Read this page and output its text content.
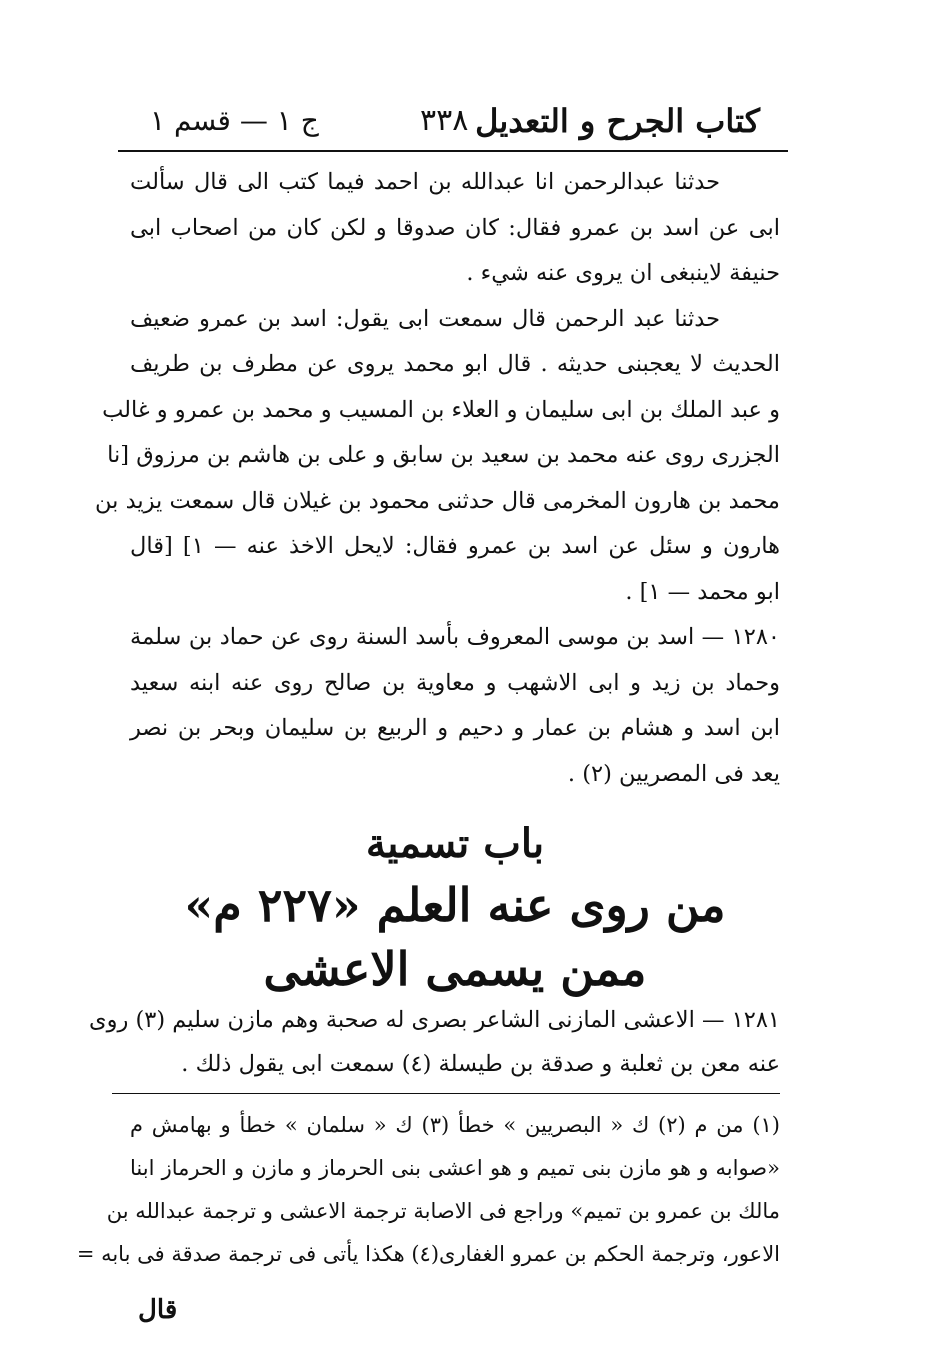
كتاب الجرح و التعديل
٣٣٨
ج ١ — قسم ١
حدثنا عبدالرحمن انا عبدالله بن احمد فيما كتب الى قال سألت
ابى عن اسد بن عمرو فقال: كان صدوقا و لكن كان من اصحاب ابى
حنيفة لاينبغى ان يروى عنه شيء .
حدثنا عبد الرحمن قال سمعت ابى يقول: اسد بن عمرو ضعيف
الحديث لا يعجبنى حديثه . قال ابو محمد يروى عن مطرف بن طريف
و عبد الملك بن ابى سليمان و العلاء بن المسيب و محمد بن عمرو و غالب
الجزرى روى عنه محمد بن سعيد بن سابق و على بن هاشم بن مرزوق [نا
محمد بن هارون المخرمى قال حدثنى محمود بن غيلان قال سمعت يزيد بن
هارون و سئل عن اسد بن عمرو فقال: لايحل الاخذ عنه — ١] [قال
ابو محمد — ١] .
١٢٨٠ — اسد بن موسى المعروف بأسد السنة روى عن حماد بن سلمة
وحماد بن زيد و ابى الاشهب و معاوية بن صالح روى عنه ابنه سعيد
ابن اسد و هشام بن عمار و دحيم و الربيع بن سليمان وبحر بن نصر
يعد فى المصريين (٢) .
باب تسمية
من روى عنه العلم «٢٢٧ م»
ممن يسمى الاعشى
١٢٨١ — الاعشى المازنى الشاعر بصرى له صحبة وهم مازن سليم (٣) روى
عنه معن بن ثعلبة و صدقة بن طيسلة (٤) سمعت ابى يقول ذلك .
(١) من م (٢) ك « البصريين » خطأ (٣) ك « سلمان » خطأ و بهامش م
«صوابه و هو مازن بنى تميم و هو اعشى بنى الحرماز و مازن و الحرماز ابنا
مالك بن عمرو بن تميم» وراجع فى الاصابة ترجمة الاعشى و ترجمة عبدالله بن
الاعور، وترجمة الحكم بن عمرو الغفارى(٤) هكذا يأتى فى ترجمة صدقة فى بابه =
قال
